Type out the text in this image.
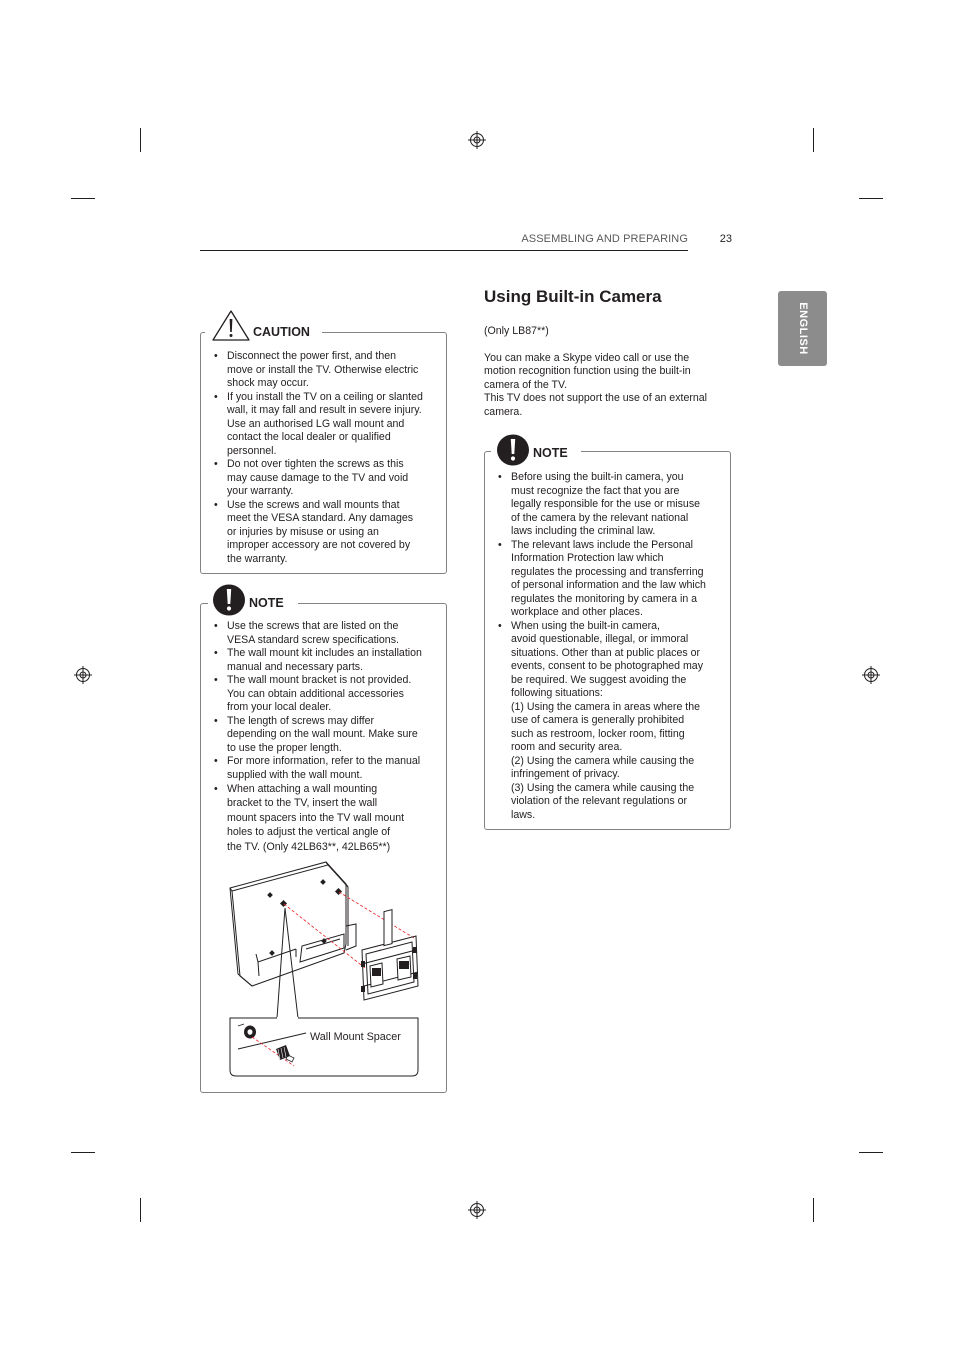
ASSEMBLING AND PREPARING	23
ENGLISH
CAUTION
• Disconnect the power first, and then
move or install the TV. Otherwise electric
shock may occur.
• If you install the TV on a ceiling or slanted
wall, it may fall and result in severe injury.
Use an authorised LG wall mount and
contact the local dealer or qualified
personnel.
• Do not over tighten the screws as this
may cause damage to the TV and void
your warranty.
• Use the screws and wall mounts that
meet the VESA standard. Any damages
or injuries by misuse or using an
improper accessory are not covered by
the warranty.
NOTE
• Use the screws that are listed on the
VESA standard screw specifications.
• The wall mount kit includes an installation
manual and necessary parts.
• The wall mount bracket is not provided.
You can obtain additional accessories
from your local dealer.
• The length of screws may differ
depending on the wall mount. Make sure
to use the proper length.
• For more information, refer to the manual
supplied with the wall mount.
• When attaching a wall mounting
bracket to the TV, insert the wall
mount spacers into the TV wall mount
holes to adjust the vertical angle of
the TV. (Only 42LB63**, 42LB65**)
Wall Mount Spacer
Using Built-in Camera
(Only LB87**)
You can make a Skype video call or use the
motion recognition function using the built-in
camera of the TV.
This TV does not support the use of an external
camera.
NOTE
• Before using the built-in camera, you
must recognize the fact that you are
legally responsible for the use or misuse
of the camera by the relevant national
laws including the criminal law.
• The relevant laws include the Personal
Information Protection law which
regulates the processing and transferring
of personal information and the law which
regulates the monitoring by camera in a
workplace and other places.
• When using the built-in camera,
avoid questionable, illegal, or immoral
situations. Other than at public places or
events, consent to be photographed may
be required. We suggest avoiding the
following situations:
(1) Using the camera in areas where the
use of camera is generally prohibited
such as restroom, locker room, fitting
room and security area.
(2) Using the camera while causing the
infringement of privacy.
(3) Using the camera while causing the
violation of the relevant regulations or
laws.
